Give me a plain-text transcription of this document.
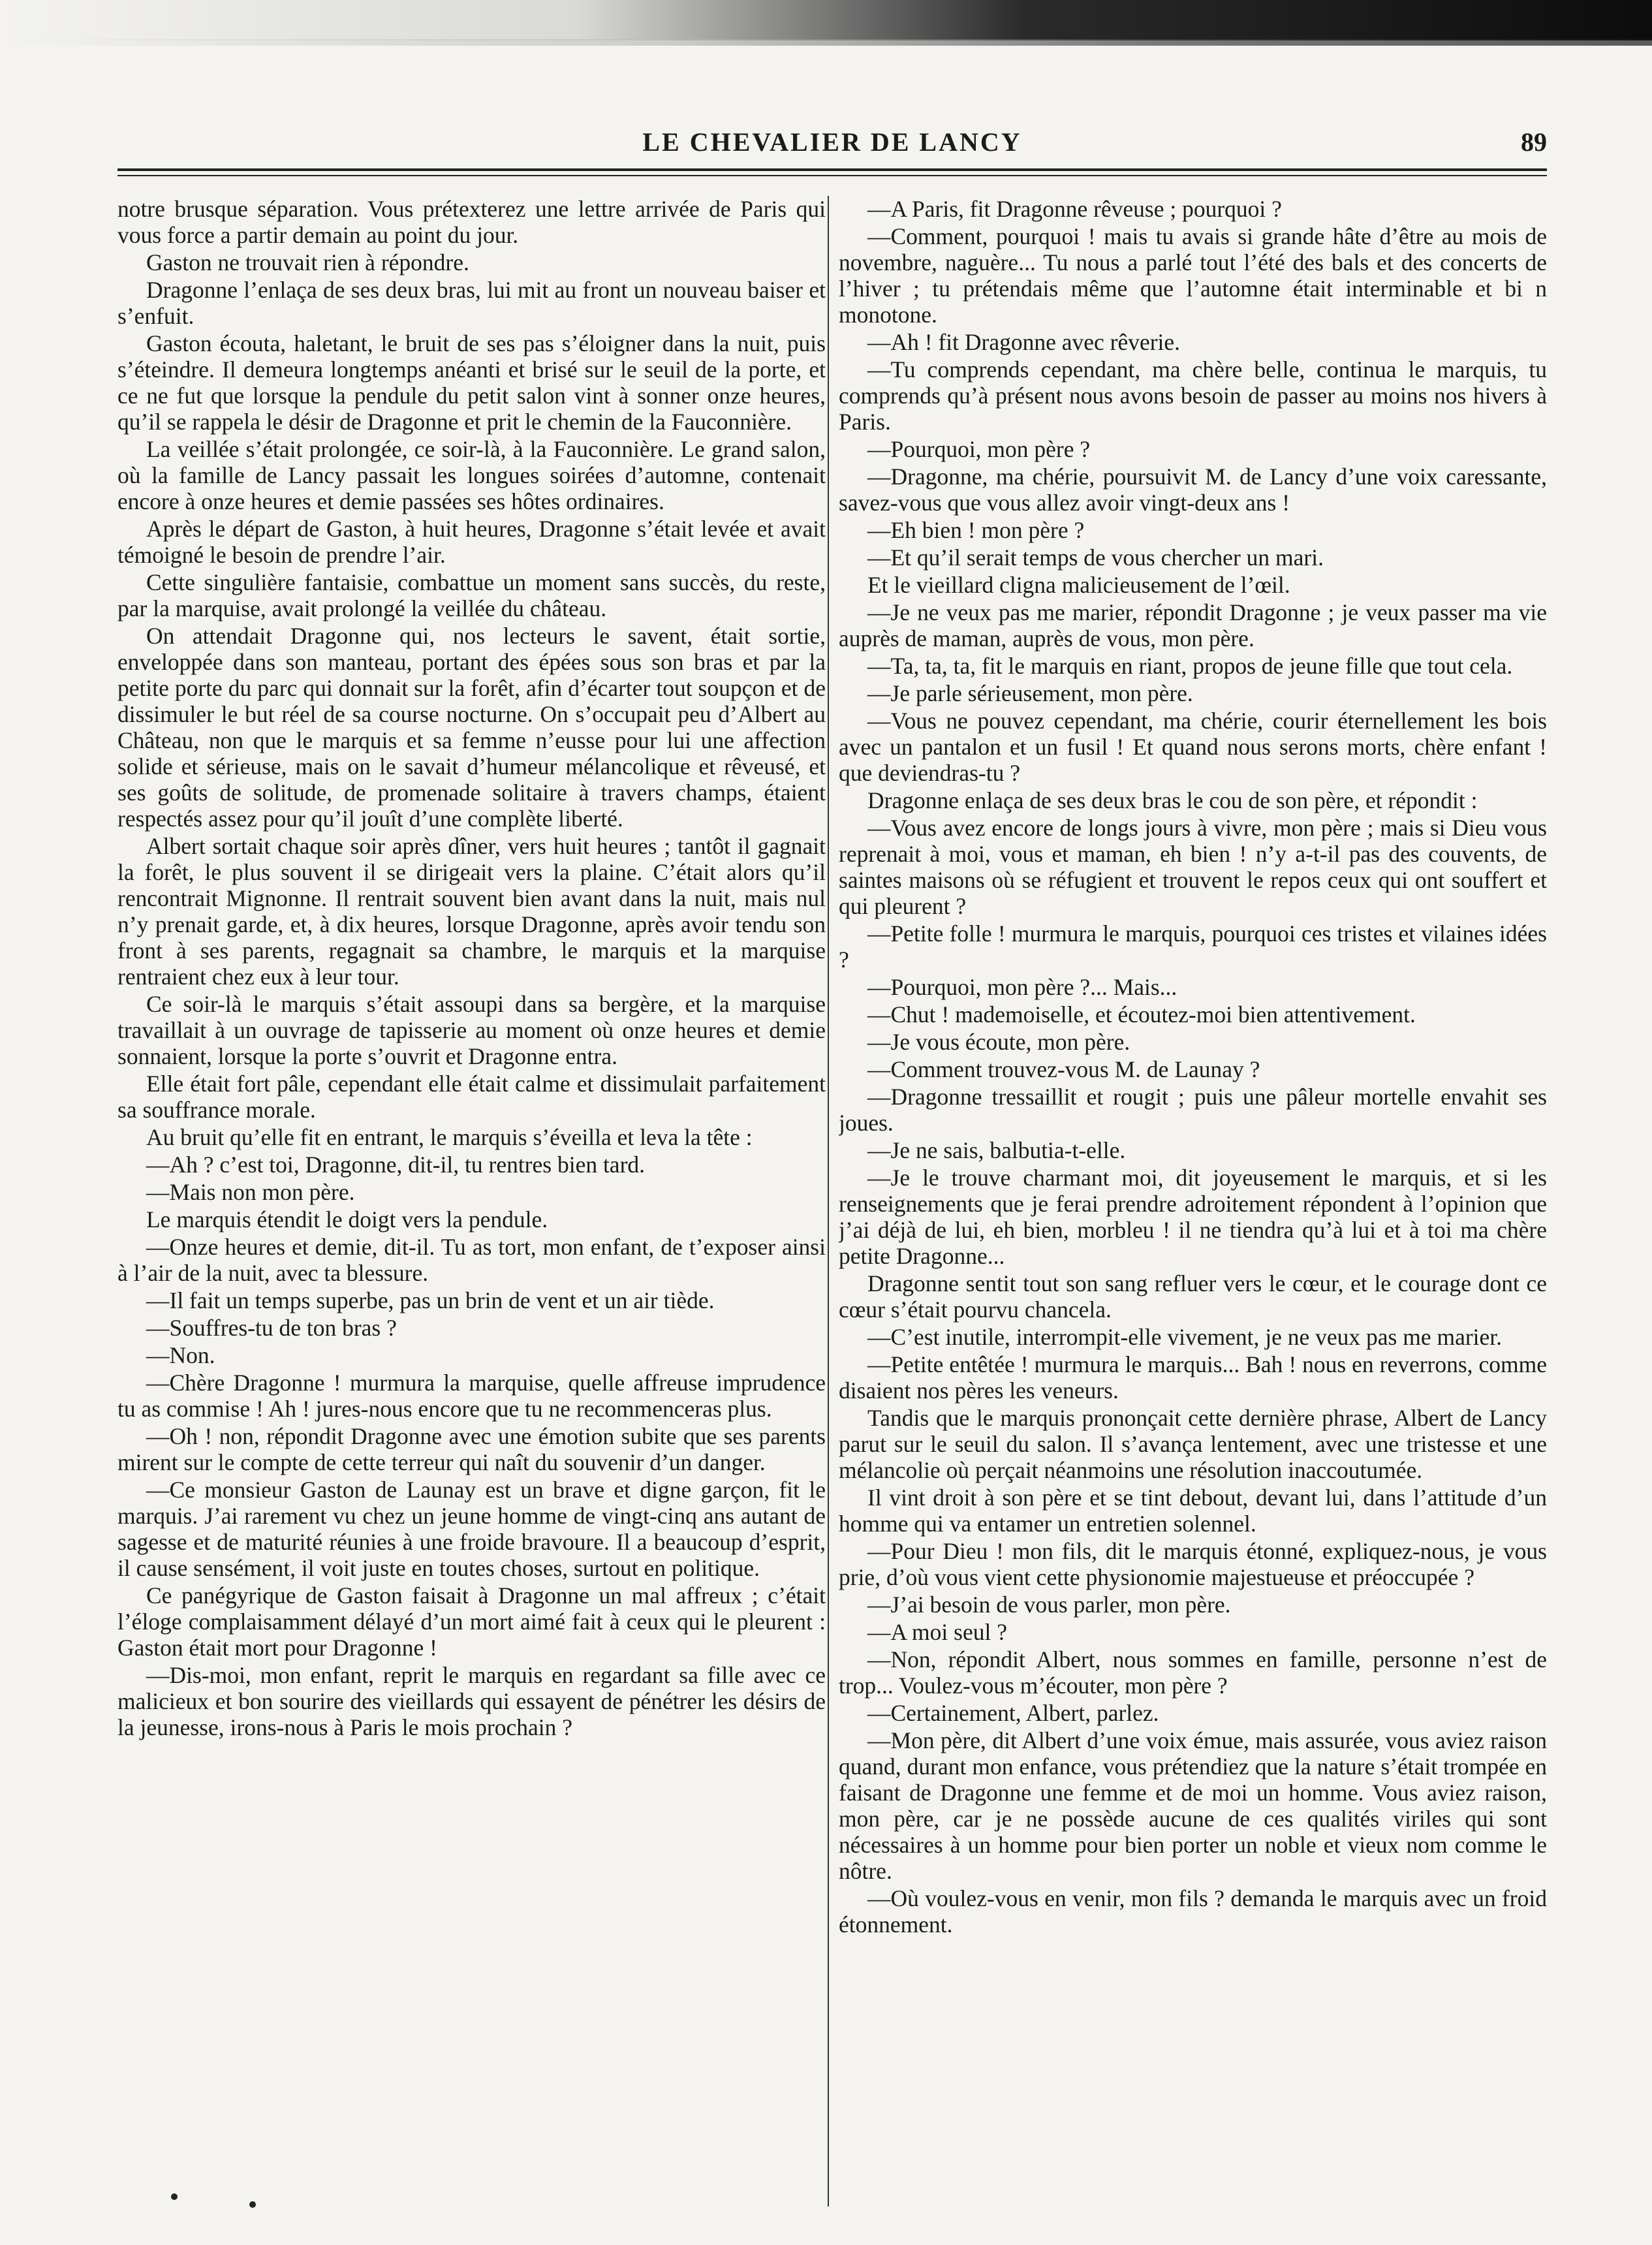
LE CHEVALIER DE LANCY	89

notre brusque séparation. Vous prétexterez une lettre arrivée de Paris qui vous force a partir demain au point du jour.

Gaston ne trouvait rien à répondre.

Dragonne l’enlaça de ses deux bras, lui mit au front un nouveau baiser et s’enfuit.

Gaston écouta, haletant, le bruit de ses pas s’éloigner dans la nuit, puis s’éteindre. Il demeura longtemps anéanti et brisé sur le seuil de la porte, et ce ne fut que lorsque la pendule du petit salon vint à sonner onze heures, qu’il se rappela le désir de Dragonne et prit le chemin de la Fauconnière.

La veillée s’était prolongée, ce soir-là, à la Fauconnière. Le grand salon, où la famille de Lancy passait les longues soirées d’automne, contenait encore à onze heures et demie passées ses hôtes ordinaires.

Après le départ de Gaston, à huit heures, Dragonne s’était levée et avait témoigné le besoin de prendre l’air.

Cette singulière fantaisie, combattue un moment sans succès, du reste, par la marquise, avait prolongé la veillée du château.

On attendait Dragonne qui, nos lecteurs le savent, était sortie, enveloppée dans son manteau, portant des épées sous son bras et par la petite porte du parc qui donnait sur la forêt, afin d’écarter tout soupçon et de dissimuler le but réel de sa course nocturne. On s’occupait peu d’Albert au Château, non que le marquis et sa femme n’eusse pour lui une affection solide et sérieuse, mais on le savait d’humeur mélancolique et rêveusé, et ses goûts de solitude, de promenade solitaire à travers champs, étaient respectés assez pour qu’il jouît d’une complète liberté.

Albert sortait chaque soir après dîner, vers huit heures ; tantôt il gagnait la forêt, le plus souvent il se dirigeait vers la plaine. C’était alors qu’il rencontrait Mignonne. Il rentrait souvent bien avant dans la nuit, mais nul n’y prenait garde, et, à dix heures, lorsque Dragonne, après avoir tendu son front à ses parents, regagnait sa chambre, le marquis et la marquise rentraient chez eux à leur tour.

Ce soir-là le marquis s’était assoupi dans sa bergère, et la marquise travaillait à un ouvrage de tapisserie au moment où onze heures et demie sonnaient, lorsque la porte s’ouvrit et Dragonne entra.

Elle était fort pâle, cependant elle était calme et dissimulait parfaitement sa souffrance morale.

Au bruit qu’elle fit en entrant, le marquis s’éveilla et leva la tête :

—Ah ? c’est toi, Dragonne, dit-il, tu rentres bien tard.

—Mais non mon père.

Le marquis étendit le doigt vers la pendule.

—Onze heures et demie, dit-il. Tu as tort, mon enfant, de t’exposer ainsi à l’air de la nuit, avec ta blessure.

—Il fait un temps superbe, pas un brin de vent et un air tiède.

—Souffres-tu de ton bras ?

—Non.

—Chère Dragonne ! murmura la marquise, quelle affreuse imprudence tu as commise ! Ah ! jures-nous encore que tu ne recommenceras plus.

—Oh ! non, répondit Dragonne avec une émotion subite que ses parents mirent sur le compte de cette terreur qui naît du souvenir d’un danger.

—Ce monsieur Gaston de Launay est un brave et digne garçon, fit le marquis. J’ai rarement vu chez un jeune homme de vingt-cinq ans autant de sagesse et de maturité réunies à une froide bravoure. Il a beaucoup d’esprit, il cause sensément, il voit juste en toutes choses, surtout en politique.

Ce panégyrique de Gaston faisait à Dragonne un mal affreux ; c’était l’éloge complaisamment délayé d’un mort aimé fait à ceux qui le pleurent : Gaston était mort pour Dragonne !

—Dis-moi, mon enfant, reprit le marquis en regardant sa fille avec ce malicieux et bon sourire des vieillards qui essayent de pénétrer les désirs de la jeunesse, irons-nous à Paris le mois prochain ?

—A Paris, fit Dragonne rêveuse ; pourquoi ?

—Comment, pourquoi ! mais tu avais si grande hâte d’être au mois de novembre, naguère... Tu nous a parlé tout l’été des bals et des concerts de l’hiver ; tu prétendais même que l’automne était interminable et bi n monotone.

—Ah ! fit Dragonne avec rêverie.

—Tu comprends cependant, ma chère belle, continua le marquis, tu comprends qu’à présent nous avons besoin de passer au moins nos hivers à Paris.

—Pourquoi, mon père ?

—Dragonne, ma chérie, poursuivit M. de Lancy d’une voix caressante, savez-vous que vous allez avoir vingt-deux ans !

—Eh bien ! mon père ?

—Et qu’il serait temps de vous chercher un mari.

Et le vieillard cligna malicieusement de l’œil.

—Je ne veux pas me marier, répondit Dragonne ; je veux passer ma vie auprès de maman, auprès de vous, mon père.

—Ta, ta, ta, fit le marquis en riant, propos de jeune fille que tout cela.

—Je parle sérieusement, mon père.

—Vous ne pouvez cependant, ma chérie, courir éternellement les bois avec un pantalon et un fusil ! Et quand nous serons morts, chère enfant ! que deviendras-tu ?

Dragonne enlaça de ses deux bras le cou de son père, et répondit :

—Vous avez encore de longs jours à vivre, mon père ; mais si Dieu vous reprenait à moi, vous et maman, eh bien ! n’y a-t-il pas des couvents, de saintes maisons où se réfugient et trouvent le repos ceux qui ont souffert et qui pleurent ?

—Petite folle ! murmura le marquis, pourquoi ces tristes et vilaines idées ?

—Pourquoi, mon père ?... Mais...

—Chut ! mademoiselle, et écoutez-moi bien attentivement.

—Je vous écoute, mon père.

—Comment trouvez-vous M. de Launay ?

—Dragonne tressaillit et rougit ; puis une pâleur mortelle envahit ses joues.

—Je ne sais, balbutia-t-elle.

—Je le trouve charmant moi, dit joyeusement le marquis, et si les renseignements que je ferai prendre adroitement répondent à l’opinion que j’ai déjà de lui, eh bien, morbleu ! il ne tiendra qu’à lui et à toi ma chère petite Dragonne...

Dragonne sentit tout son sang refluer vers le cœur, et le courage dont ce cœur s’était pourvu chancela.

—C’est inutile, interrompit-elle vivement, je ne veux pas me marier.

—Petite entêtée ! murmura le marquis... Bah ! nous en reverrons, comme disaient nos pères les veneurs.

Tandis que le marquis prononçait cette dernière phrase, Albert de Lancy parut sur le seuil du salon. Il s’avança lentement, avec une tristesse et une mélancolie où perçait néanmoins une résolution inaccoutumée.

Il vint droit à son père et se tint debout, devant lui, dans l’attitude d’un homme qui va entamer un entretien solennel.

—Pour Dieu ! mon fils, dit le marquis étonné, expliquez-nous, je vous prie, d’où vous vient cette physionomie majestueuse et préoccupée ?

—J’ai besoin de vous parler, mon père.

—A moi seul ?

—Non, répondit Albert, nous sommes en famille, personne n’est de trop... Voulez-vous m’écouter, mon père ?

—Certainement, Albert, parlez.

—Mon père, dit Albert d’une voix émue, mais assurée, vous aviez raison quand, durant mon enfance, vous prétendiez que la nature s’était trompée en faisant de Dragonne une femme et de moi un homme. Vous aviez raison, mon père, car je ne possède aucune de ces qualités viriles qui sont nécessaires à un homme pour bien porter un noble et vieux nom comme le nôtre.

—Où voulez-vous en venir, mon fils ? demanda le marquis avec un froid étonnement.
